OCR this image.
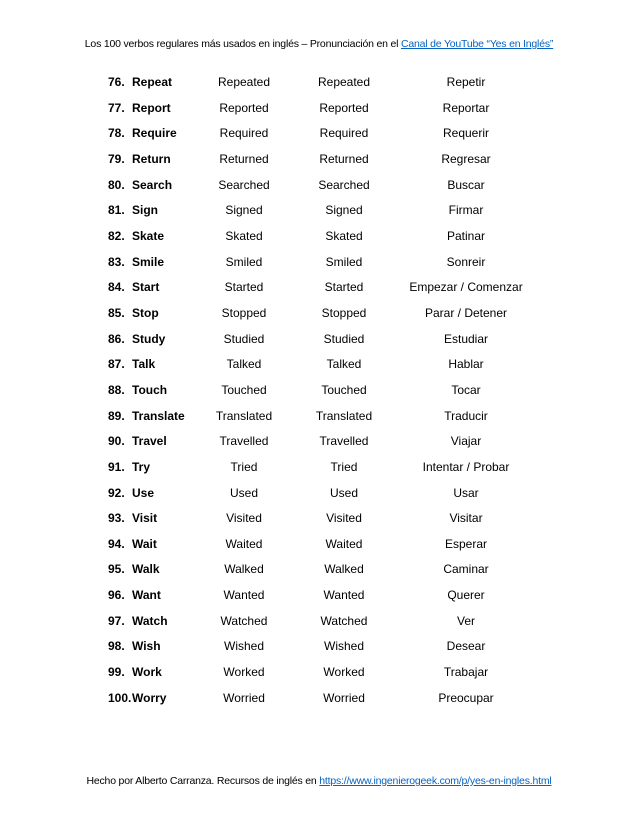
Los 100 verbos regulares más usados en inglés – Pronunciación en el Canal de YouTube “Yes en Inglés”
76. Repeat	Repeated	Repeated	Repetir
77. Report	Reported	Reported	Reportar
78. Require	Required	Required	Requerir
79. Return	Returned	Returned	Regresar
80. Search	Searched	Searched	Buscar
81. Sign	Signed	Signed	Firmar
82. Skate	Skated	Skated	Patinar
83. Smile	Smiled	Smiled	Sonreir
84. Start	Started	Started	Empezar / Comenzar
85. Stop	Stopped	Stopped	Parar / Detener
86. Study	Studied	Studied	Estudiar
87. Talk	Talked	Talked	Hablar
88. Touch	Touched	Touched	Tocar
89. Translate	Translated	Translated	Traducir
90. Travel	Travelled	Travelled	Viajar
91. Try	Tried	Tried	Intentar / Probar
92. Use	Used	Used	Usar
93. Visit	Visited	Visited	Visitar
94. Wait	Waited	Waited	Esperar
95. Walk	Walked	Walked	Caminar
96. Want	Wanted	Wanted	Querer
97. Watch	Watched	Watched	Ver
98. Wish	Wished	Wished	Desear
99. Work	Worked	Worked	Trabajar
100. Worry	Worried	Worried	Preocupar
Hecho por Alberto Carranza. Recursos de inglés en https://www.ingenierogeek.com/p/yes-en-ingles.html
